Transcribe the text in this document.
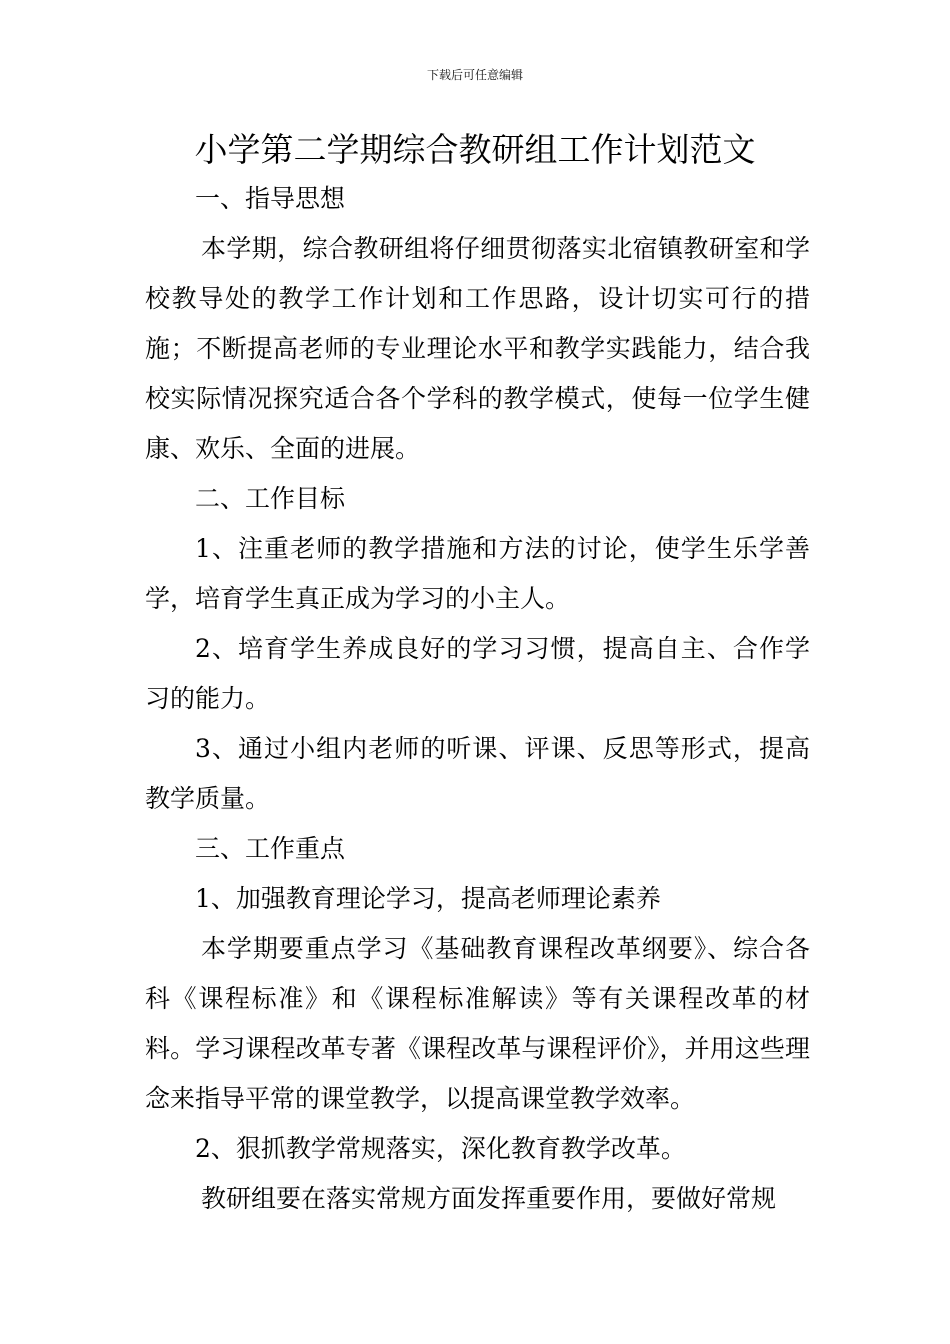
下载后可任意编辑
小学第二学期综合教研组工作计划范文

一、指导思想

本学期，综合教研组将仔细贯彻落实北宿镇教研室和学校教导处的教学工作计划和工作思路，设计切实可行的措施；不断提高老师的专业理论水平和教学实践能力，结合我校实际情况探究适合各个学科的教学模式，使每一位学生健康、欢乐、全面的进展。

二、工作目标

1、注重老师的教学措施和方法的讨论，使学生乐学善学，培育学生真正成为学习的小主人。

2、培育学生养成良好的学习习惯，提高自主、合作学习的能力。

3、通过小组内老师的听课、评课、反思等形式，提高教学质量。

三、工作重点

1、加强教育理论学习，提高老师理论素养

本学期要重点学习《基础教育课程改革纲要》、综合各科《课程标准》和《课程标准解读》等有关课程改革的材料。学习课程改革专著《课程改革与课程评价》，并用这些理念来指导平常的课堂教学，以提高课堂教学效率。

2、狠抓教学常规落实，深化教育教学改革。

教研组要在落实常规方面发挥重要作用，要做好常规
